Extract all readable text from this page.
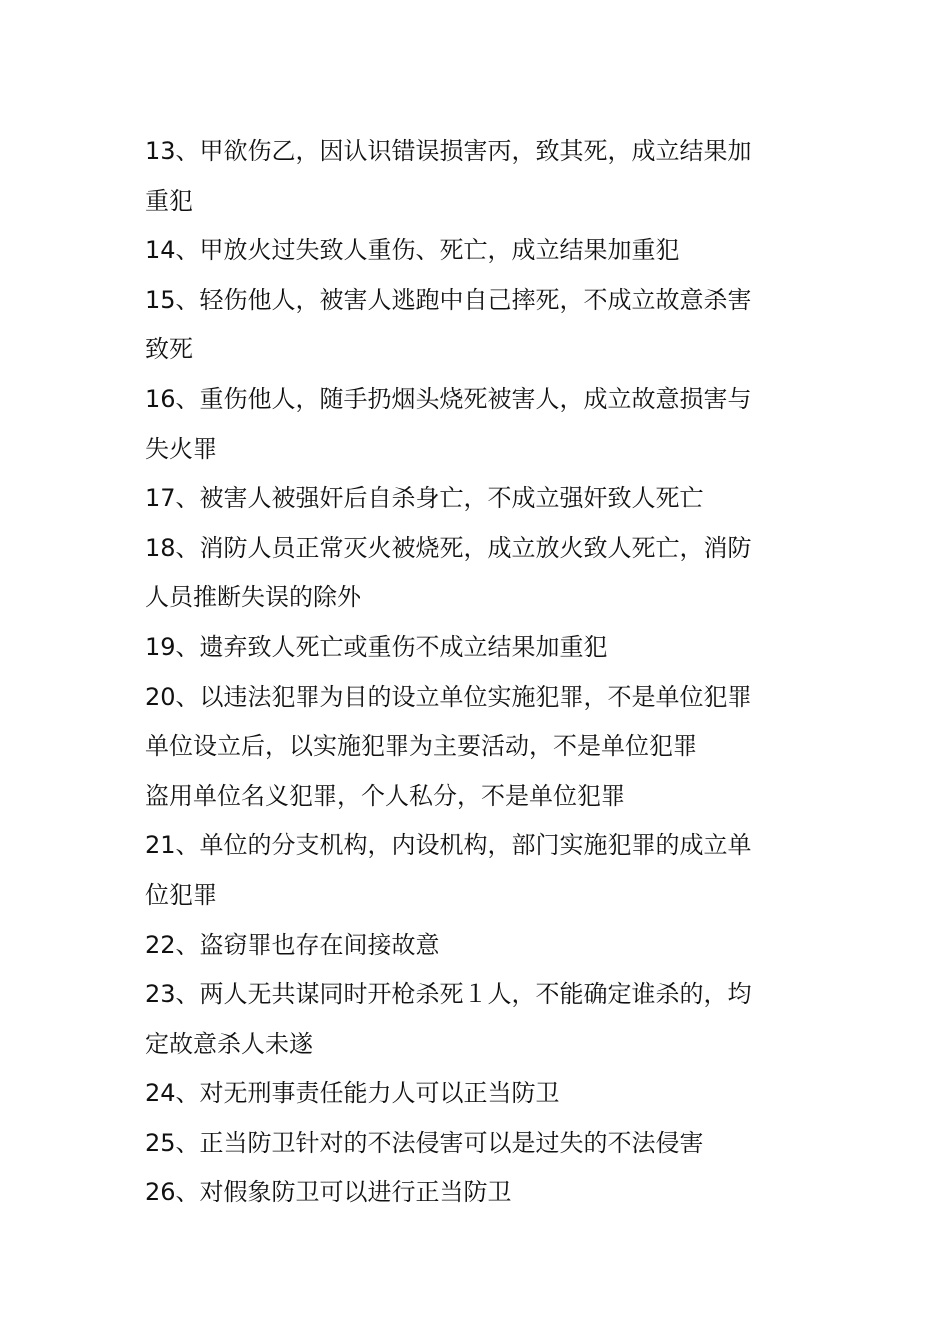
13、甲欲伤乙，因认识错误损害丙，致其死，成立结果加
重犯
14、甲放火过失致人重伤、死亡，成立结果加重犯
15、轻伤他人，被害人逃跑中自己摔死，不成立故意杀害
致死
16、重伤他人，随手扔烟头烧死被害人，成立故意损害与
失火罪
17、被害人被强奸后自杀身亡，不成立强奸致人死亡
18、消防人员正常灭火被烧死，成立放火致人死亡，消防
人员推断失误的除外
19、遗弃致人死亡或重伤不成立结果加重犯
20、以违法犯罪为目的设立单位实施犯罪，不是单位犯罪
单位设立后，以实施犯罪为主要活动，不是单位犯罪
盗用单位名义犯罪，个人私分，不是单位犯罪
21、单位的分支机构，内设机构，部门实施犯罪的成立单
位犯罪
22、盗窃罪也存在间接故意
23、两人无共谋同时开枪杀死１人，不能确定谁杀的，均
定故意杀人未遂
24、对无刑事责任能力人可以正当防卫
25、正当防卫针对的不法侵害可以是过失的不法侵害
26、对假象防卫可以进行正当防卫
